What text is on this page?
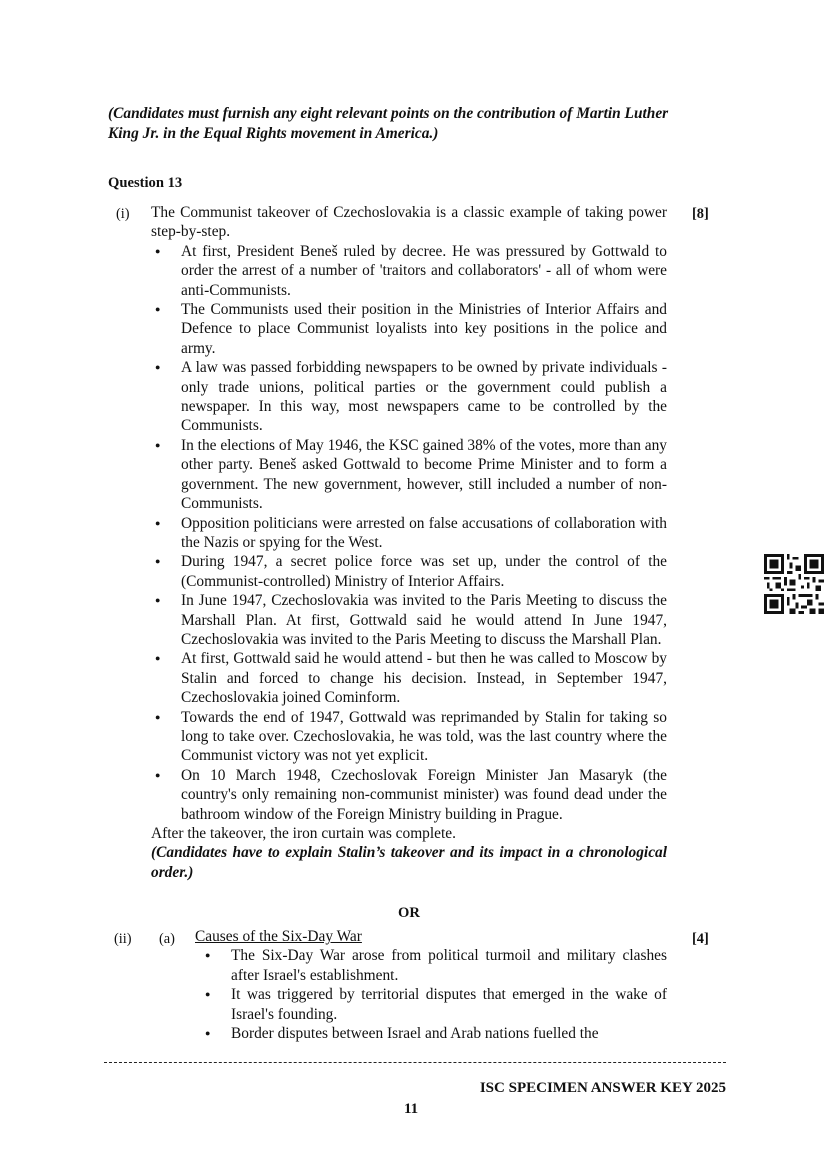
(Candidates must furnish any eight relevant points on the contribution of Martin Luther King Jr. in the Equal Rights movement in America.)
Question 13
(i)	[8]
The Communist takeover of Czechoslovakia is a classic example of taking power step-by-step.
● At first, President Beneš ruled by decree. He was pressured by Gottwald to order the arrest of a number of 'traitors and collaborators' - all of whom were anti-Communists.
● The Communists used their position in the Ministries of Interior Affairs and Defence to place Communist loyalists into key positions in the police and army.
● A law was passed forbidding newspapers to be owned by private individuals - only trade unions, political parties or the government could publish a newspaper. In this way, most newspapers came to be controlled by the Communists.
● In the elections of May 1946, the KSC gained 38% of the votes, more than any other party. Beneš asked Gottwald to become Prime Minister and to form a government. The new government, however, still included a number of non-Communists.
● Opposition politicians were arrested on false accusations of collaboration with the Nazis or spying for the West.
● During 1947, a secret police force was set up, under the control of the (Communist-controlled) Ministry of Interior Affairs.
● In June 1947, Czechoslovakia was invited to the Paris Meeting to discuss the Marshall Plan. At first, Gottwald said he would attend In June 1947, Czechoslovakia was invited to the Paris Meeting to discuss the Marshall Plan.
● At first, Gottwald said he would attend - but then he was called to Moscow by Stalin and forced to change his decision. Instead, in September 1947, Czechoslovakia joined Cominform.
● Towards the end of 1947, Gottwald was reprimanded by Stalin for taking so long to take over. Czechoslovakia, he was told, was the last country where the Communist victory was not yet explicit.
● On 10 March 1948, Czechoslovak Foreign Minister Jan Masaryk (the country's only remaining non-communist minister) was found dead under the bathroom window of the Foreign Ministry building in Prague.
After the takeover, the iron curtain was complete.
(Candidates have to explain Stalin’s takeover and its impact in a chronological order.)
OR
(ii) (a)	[4]
Causes of the Six-Day War
● The Six-Day War arose from political turmoil and military clashes after Israel's establishment.
● It was triggered by territorial disputes that emerged in the wake of Israel's founding.
● Border disputes between Israel and Arab nations fuelled the
ISC SPECIMEN ANSWER KEY 2025
11
